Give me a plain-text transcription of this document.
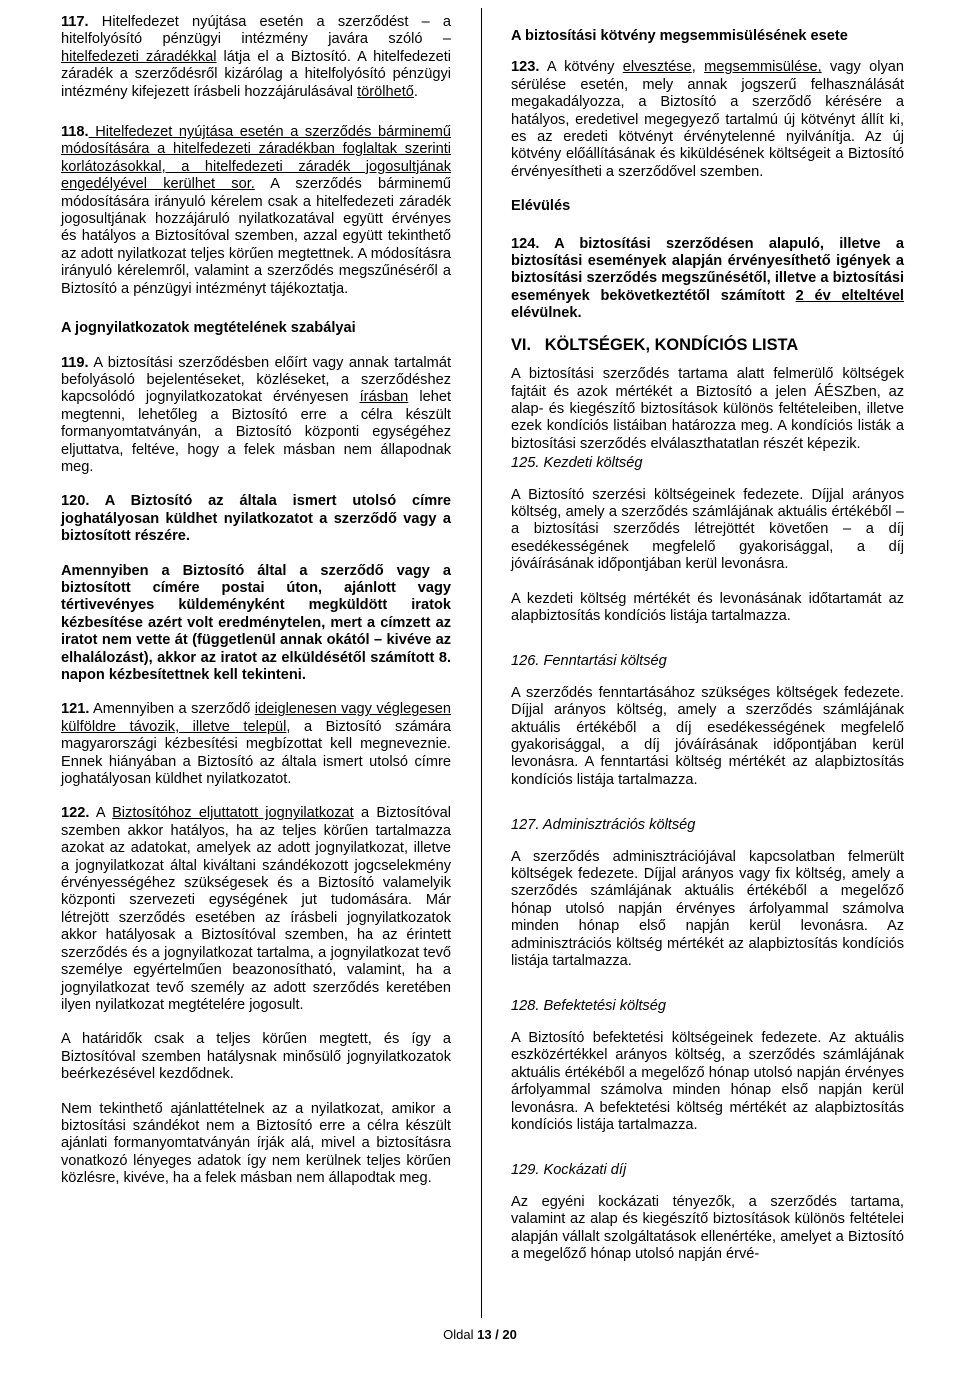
117. Hitelfedezet nyújtása esetén a szerződést – a hitelfolyósító pénzügyi intézmény javára szóló – hitelfedezeti záradékkal látja el a Biztosító. A hitelfedezeti záradék a szerződésről kizárólag a hitelfolyósító pénzügyi intézmény kifejezett írásbeli hozzájárulásával törölhető.

118. Hitelfedezet nyújtása esetén a szerződés bárminemű módosítására a hitelfedezeti záradékban foglaltak szerinti korlátozásokkal, a hitelfedezeti záradék jogosultjának engedélyével kerülhet sor. A szerződés bárminemű módosítására irányuló kérelem csak a hitelfedezeti záradék jogosultjának hozzájáruló nyilatkozatával együtt érvényes és hatályos a Biztosítóval szemben, azzal együtt tekinthető az adott nyilatkozat teljes körűen megtettnek. A módosításra irányuló kérelemről, valamint a szerződés megszűnéséről a Biztosító a pénzügyi intézményt tájékoztatja.

A jognyilatkozatok megtételének szabályai

119. A biztosítási szerződésben előírt vagy annak tartalmát befolyásoló bejelentéseket, közléseket, a szerződéshez kapcsolódó jognyilatkozatokat érvényesen írásban lehet megtenni, lehetőleg a Biztosító erre a célra készült formanyomtatványán, a Biztosító központi egységéhez eljuttatva, feltéve, hogy a felek másban nem állapodnak meg.

120. A Biztosító az általa ismert utolsó címre joghatályosan küldhet nyilatkozatot a szerződő vagy a biztosított részére.

Amennyiben a Biztosító által a szerződő vagy a biztosított címére postai úton, ajánlott vagy tértivevényes küldeményként megküldött iratok kézbesítése azért volt eredménytelen, mert a címzett az iratot nem vette át (függetlenül annak okától – kivéve az elhalálozást), akkor az iratot az elküldésétől számított 8. napon kézbesítettnek kell tekinteni.

121. Amennyiben a szerződő ideiglenesen vagy véglegesen külföldre távozik, illetve települ, a Biztosító számára magyarországi kézbesítési megbízottat kell megneveznie. Ennek hiányában a Biztosító az általa ismert utolsó címre joghatályosan küldhet nyilatkozatot.

122. A Biztosítóhoz eljuttatott jognyilatkozat a Biztosítóval szemben akkor hatályos, ha az teljes körűen tartalmazza azokat az adatokat, amelyek az adott jognyilatkozat, illetve a jognyilatkozat által kiváltani szándékozott jogcselekmény érvényességéhez szükségesek és a Biztosító valamelyik központi szervezeti egységének jut tudomására. Már létrejött szerződés esetében az írásbeli jognyilatkozatok akkor hatályosak a Biztosítóval szemben, ha az érintett szerződés és a jognyilatkozat tartalma, a jognyilatkozat tevő személye egyértelműen beazonosítható, valamint, ha a jognyilatkozat tevő személy az adott szerződés keretében ilyen nyilatkozat megtételére jogosult.

A határidők csak a teljes körűen megtett, és így a Biztosítóval szemben hatálysnak minősülő jognyilatkozatok beérkezésével kezdődnek.

Nem tekinthető ajánlattételnek az a nyilatkozat, amikor a biztosítási szándékot nem a Biztosító erre a célra készült ajánlati formanyomtatványán írják alá, mivel a biztosításra vonatkozó lényeges adatok így nem kerülnek teljes körűen közlésre, kivéve, ha a felek másban nem állapodtak meg.

A biztosítási kötvény megsemmisülésének esete

123. A kötvény elvesztése, megsemmisülése, vagy olyan sérülése esetén, mely annak jogszerű felhasználását megakadályozza, a Biztosító a szerződő kérésére a hatályos, eredetivel megegyező tartalmú új kötvényt állít ki, es az eredeti kötvényt érvénytelenné nyilvánítja. Az új kötvény előállításának és kiküldésének költségeit a Biztosító érvényesítheti a szerződővel szemben.

Elévülés

124. A biztosítási szerződésen alapuló, illetve a biztosítási események alapján érvényesíthető igények a biztosítási szerződés megszűnésétől, illetve a biztosítási események bekövetkeztétől számított 2 év elteltével elévülnek.

VI.   KÖLTSÉGEK, KONDÍCIÓS LISTA

A biztosítási szerződés tartama alatt felmerülő költségek fajtáit és azok mértékét a Biztosító a jelen ÁÉSZben, az alap- és kiegészítő biztosítások különös feltételeiben, illetve ezek kondíciós listáiban határozza meg. A kondíciós listák a biztosítási szerződés elválaszthatatlan részét képezik.

125. Kezdeti költség

A Biztosító szerzési költségeinek fedezete. Díjjal arányos költség, amely a szerződés számlájának aktuális értékéből – a biztosítási szerződés létrejöttét követően – a díj esedékességének megfelelő gyakorisággal, a díj jóváírásának időpontjában kerül levonásra.

A kezdeti költség mértékét és levonásának időtartamát az alapbiztosítás kondíciós listája tartalmazza.

126. Fenntartási költség

A szerződés fenntartásához szükséges költségek fedezete. Díjjal arányos költség, amely a szerződés számlájának aktuális értékéből a díj esedékességének megfelelő gyakorisággal, a díj jóváírásának időpontjában kerül levonásra. A fenntartási költség mértékét az alapbiztosítás kondíciós listája tartalmazza.

127. Adminisztrációs költség

A szerződés adminisztrációjával kapcsolatban felmerült költségek fedezete. Díjjal arányos vagy fix költség, amely a szerződés számlájának aktuális értékéből a megelőző hónap utolsó napján érvényes árfolyammal számolva minden hónap első napján kerül levonásra. Az adminisztrációs költség mértékét az alapbiztosítás kondíciós listája tartalmazza.

128. Befektetési költség

A Biztosító befektetési költségeinek fedezete. Az aktuális eszközértékkel arányos költség, a szerződés számlájának aktuális értékéből a megelőző hónap utolsó napján érvényes árfolyammal számolva minden hónap első napján kerül levonásra. A befektetési költség mértékét az alapbiztosítás kondíciós listája tartalmazza.

129. Kockázati díj

Az egyéni kockázati tényezők, a szerződés tartama, valamint az alap és kiegészítő biztosítások különös feltételei alapján vállalt szolgáltatások ellenértéke, amelyet a Biztosító a megelőző hónap utolsó napján érvé-

Oldal 13 / 20
